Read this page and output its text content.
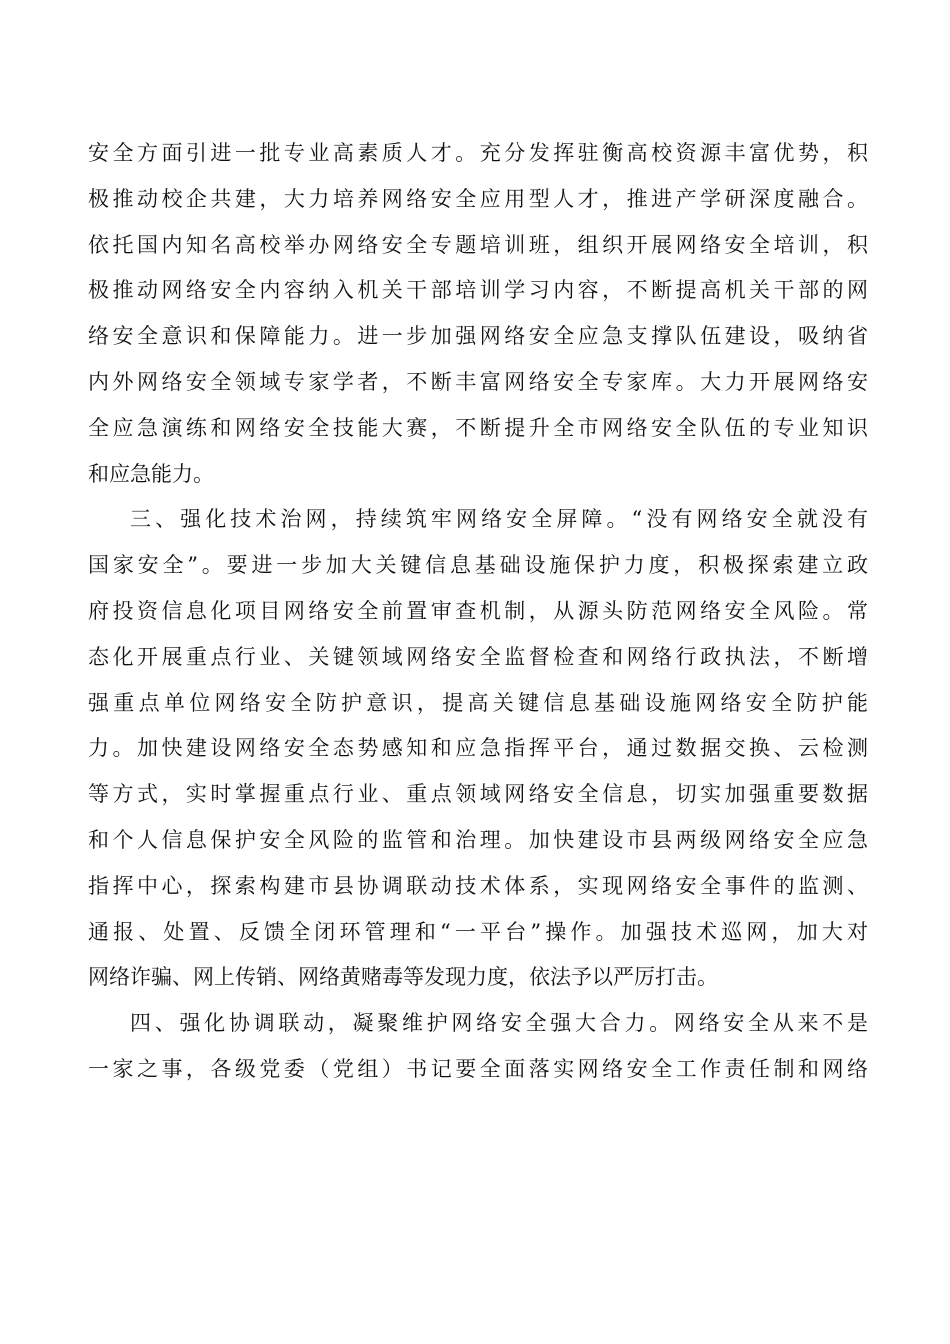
安全方面引进一批专业高素质人才。充分发挥驻衡高校资源丰富优势，积
极推动校企共建，大力培养网络安全应用型人才，推进产学研深度融合。
依托国内知名高校举办网络安全专题培训班，组织开展网络安全培训，积
极推动网络安全内容纳入机关干部培训学习内容，不断提高机关干部的网
络安全意识和保障能力。进一步加强网络安全应急支撑队伍建设，吸纳省
内外网络安全领域专家学者，不断丰富网络安全专家库。大力开展网络安
全应急演练和网络安全技能大赛，不断提升全市网络安全队伍的专业知识
和应急能力。
三、强化技术治网，持续筑牢网络安全屏障。“没有网络安全就没有
国家安全”。要进一步加大关键信息基础设施保护力度，积极探索建立政
府投资信息化项目网络安全前置审查机制，从源头防范网络安全风险。常
态化开展重点行业、关键领域网络安全监督检查和网络行政执法，不断增
强重点单位网络安全防护意识，提高关键信息基础设施网络安全防护能
力。加快建设网络安全态势感知和应急指挥平台，通过数据交换、云检测
等方式，实时掌握重点行业、重点领域网络安全信息，切实加强重要数据
和个人信息保护安全风险的监管和治理。加快建设市县两级网络安全应急
指挥中心，探索构建市县协调联动技术体系，实现网络安全事件的监测、
通报、处置、反馈全闭环管理和“一平台”操作。加强技术巡网，加大对
网络诈骗、网上传销、网络黄赌毒等发现力度，依法予以严厉打击。
四、强化协调联动，凝聚维护网络安全强大合力。网络安全从来不是
一家之事，各级党委（党组）书记要全面落实网络安全工作责任制和网络
